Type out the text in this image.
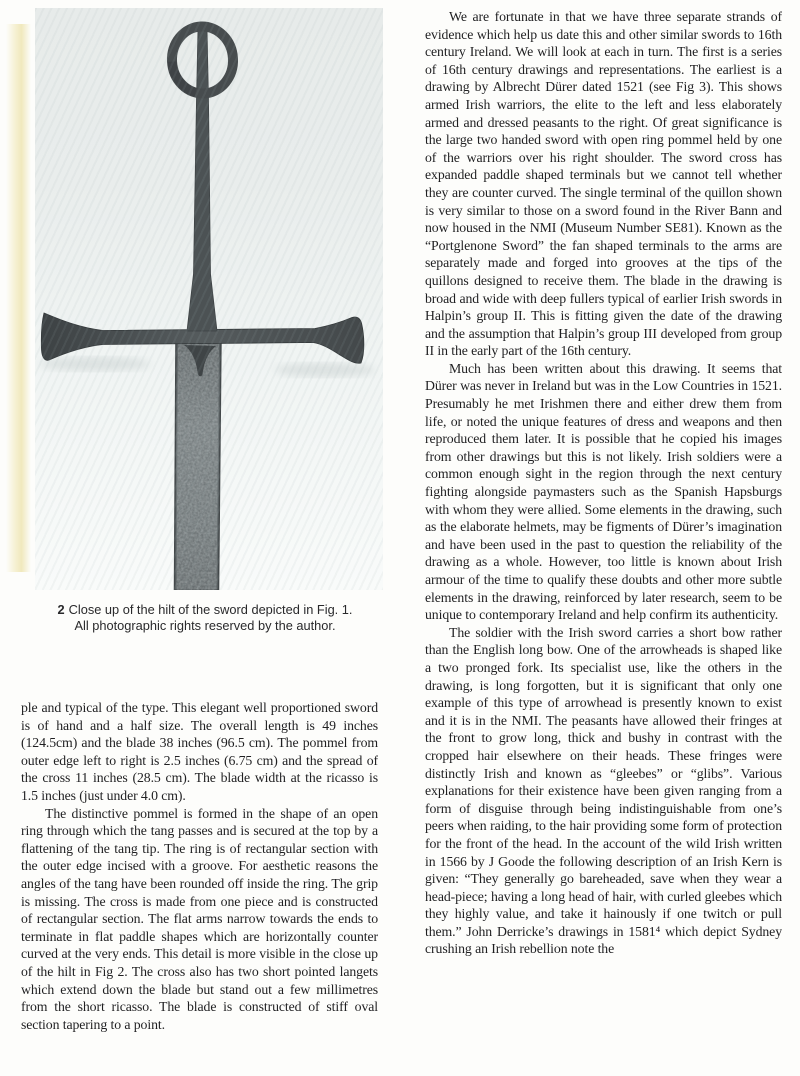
2 Close up of the hilt of the sword depicted in Fig. 1.
All photographic rights reserved by the author.

ple and typical of the type. This elegant well proportioned sword is of hand and a half size. The overall length is 49 inches (124.5cm) and the blade 38 inches (96.5 cm). The pommel from outer edge left to right is 2.5 inches (6.75 cm) and the spread of the cross 11 inches (28.5 cm). The blade width at the ricasso is 1.5 inches (just under 4.0 cm).

The distinctive pommel is formed in the shape of an open ring through which the tang passes and is secured at the top by a flattening of the tang tip. The ring is of rectangular section with the outer edge incised with a groove. For aesthetic reasons the angles of the tang have been rounded off inside the ring. The grip is missing. The cross is made from one piece and is constructed of rectangular section. The flat arms narrow towards the ends to terminate in flat paddle shapes which are horizontally counter curved at the very ends. This detail is more visible in the close up of the hilt in Fig 2. The cross also has two short pointed langets which extend down the blade but stand out a few millimetres from the short ricasso. The blade is constructed of stiff oval section tapering to a point.

We are fortunate in that we have three separate strands of evidence which help us date this and other similar swords to 16th century Ireland. We will look at each in turn. The first is a series of 16th century drawings and representations. The earliest is a drawing by Albrecht Dürer dated 1521 (see Fig 3). This shows armed Irish warriors, the elite to the left and less elaborately armed and dressed peasants to the right. Of great significance is the large two handed sword with open ring pommel held by one of the warriors over his right shoulder. The sword cross has expanded paddle shaped terminals but we cannot tell whether they are counter curved. The single terminal of the quillon shown is very similar to those on a sword found in the River Bann and now housed in the NMI (Museum Number SE81). Known as the “Portglenone Sword” the fan shaped terminals to the arms are separately made and forged into grooves at the tips of the quillons designed to receive them. The blade in the drawing is broad and wide with deep fullers typical of earlier Irish swords in Halpin’s group II. This is fitting given the date of the drawing and the assumption that Halpin’s group III developed from group II in the early part of the 16th century.

Much has been written about this drawing. It seems that Dürer was never in Ireland but was in the Low Countries in 1521. Presumably he met Irishmen there and either drew them from life, or noted the unique features of dress and weapons and then reproduced them later. It is possible that he copied his images from other drawings but this is not likely. Irish soldiers were a common enough sight in the region through the next century fighting alongside paymasters such as the Spanish Hapsburgs with whom they were allied. Some elements in the drawing, such as the elaborate helmets, may be figments of Dürer’s imagination and have been used in the past to question the reliability of the drawing as a whole. However, too little is known about Irish armour of the time to qualify these doubts and other more subtle elements in the drawing, reinforced by later research, seem to be unique to contemporary Ireland and help confirm its authenticity.

The soldier with the Irish sword carries a short bow rather than the English long bow. One of the arrowheads is shaped like a two pronged fork. Its specialist use, like the others in the drawing, is long forgotten, but it is significant that only one example of this type of arrowhead is presently known to exist and it is in the NMI. The peasants have allowed their fringes at the front to grow long, thick and bushy in contrast with the cropped hair elsewhere on their heads. These fringes were distinctly Irish and known as “gleebes” or “glibs”. Various explanations for their existence have been given ranging from a form of disguise through being indistinguishable from one’s peers when raiding, to the hair providing some form of protection for the front of the head. In the account of the wild Irish written in 1566 by J Goode the following description of an Irish Kern is given: “They generally go bareheaded, save when they wear a head-piece; having a long head of hair, with curled gleebes which they highly value, and take it hainously if one twitch or pull them.” John Derricke’s drawings in 1581⁴ which depict Sydney crushing an Irish rebellion note the
